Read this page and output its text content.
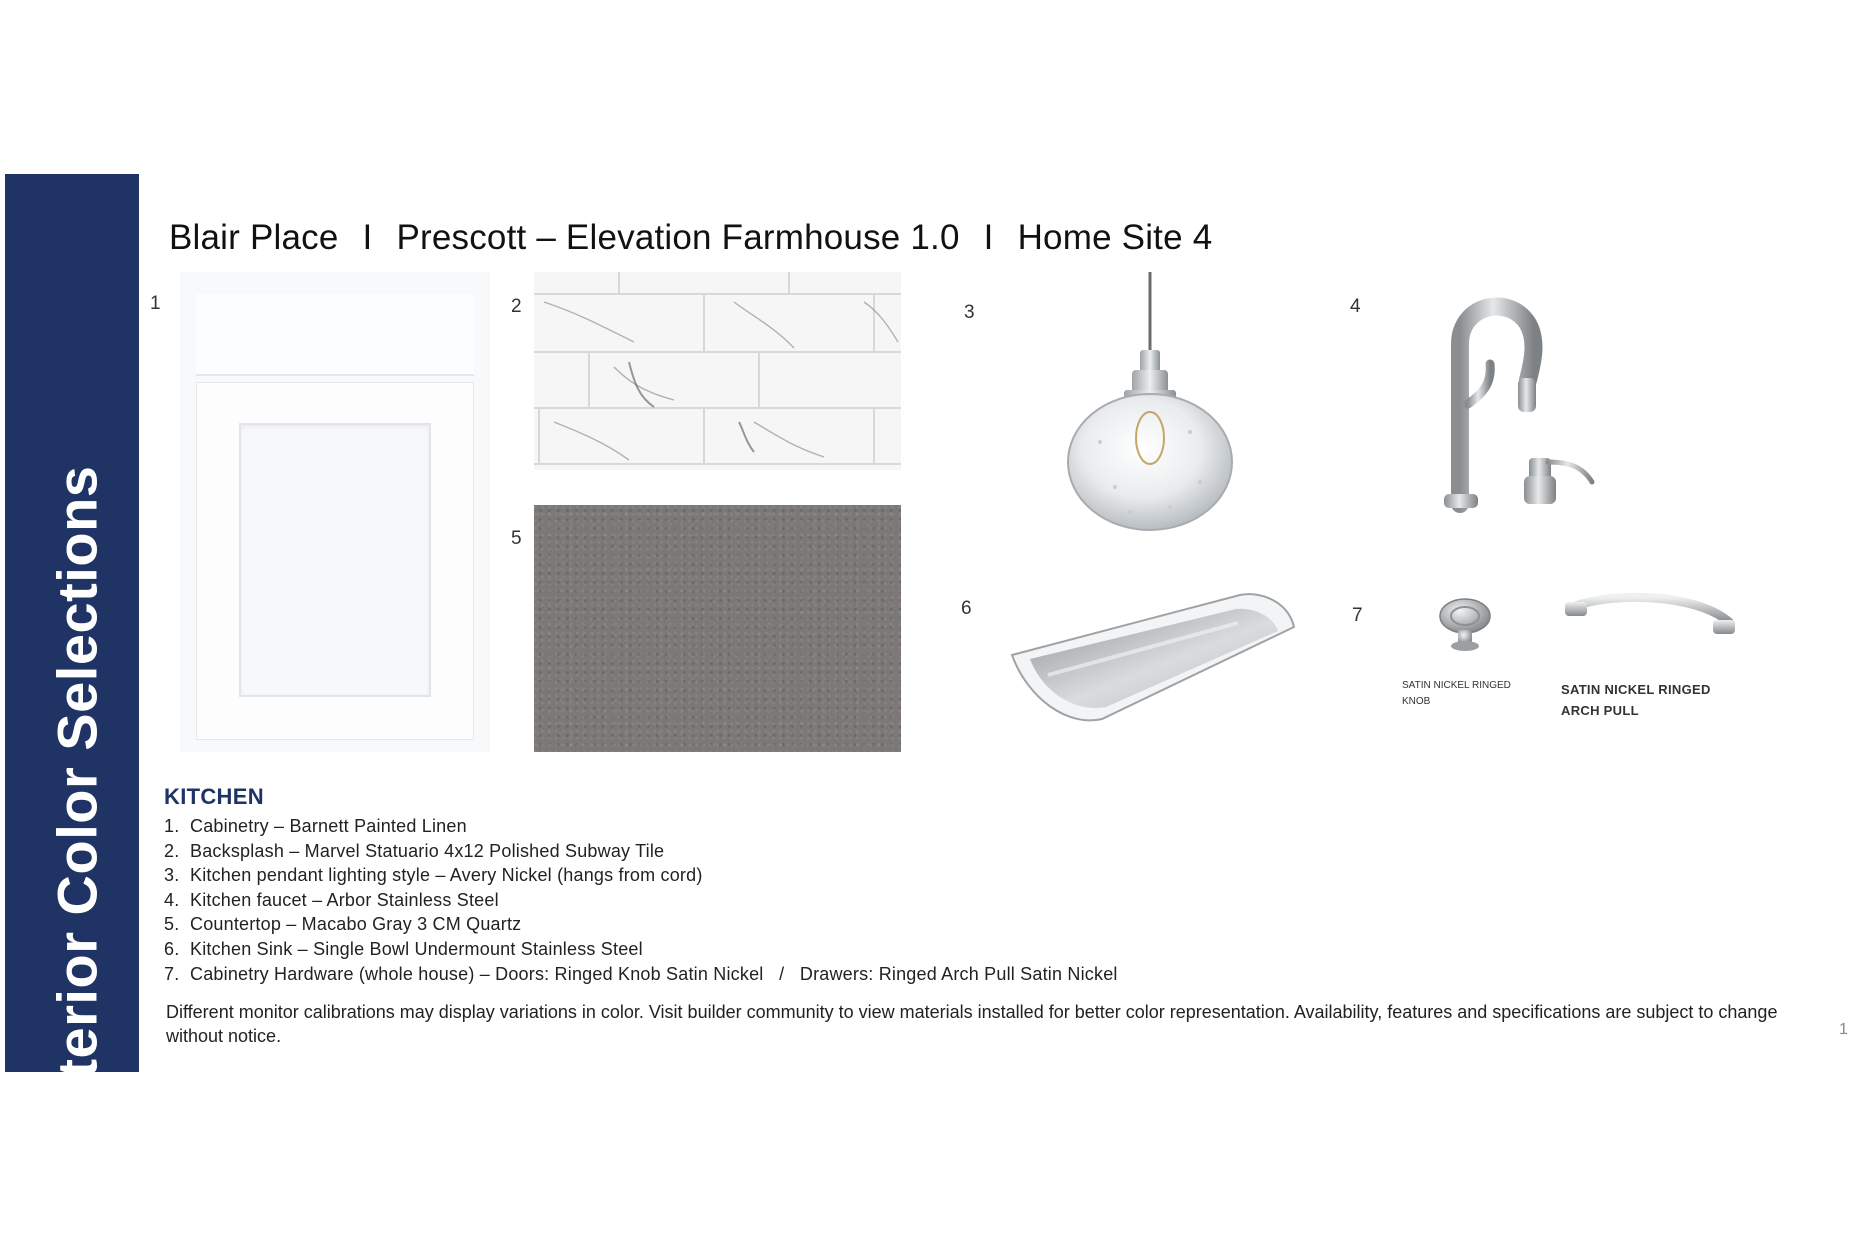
Interior Color Selections
Blair Place I Prescott – Elevation Farmhouse 1.0 I Home Site 4
1	2	3	4
5
6	7
SATIN NICKEL RINGED KNOB
SATIN NICKEL RINGED ARCH PULL
KITCHEN
1. Cabinetry – Barnett Painted Linen
2. Backsplash – Marvel Statuario 4x12 Polished Subway Tile
3. Kitchen pendant lighting style – Avery Nickel (hangs from cord)
4. Kitchen faucet – Arbor Stainless Steel
5. Countertop – Macabo Gray 3 CM Quartz
6. Kitchen Sink – Single Bowl Undermount Stainless Steel
7. Cabinetry Hardware (whole house) – Doors: Ringed Knob Satin Nickel   /   Drawers: Ringed Arch Pull Satin Nickel
Different monitor calibrations may display variations in color. Visit builder community to view materials installed for better color representation. Availability, features and specifications are subject to change without notice.	1
